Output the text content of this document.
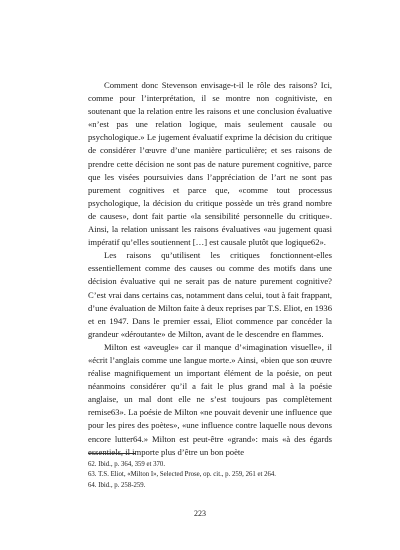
Comment donc Stevenson envisage-t-il le rôle des raisons? Ici, comme pour l’interprétation, il se montre non cognitiviste, en soutenant que la relation entre les raisons et une conclusion évaluative «n’est pas une relation logique, mais seulement causale ou psychologique.» Le jugement évaluatif exprime la décision du critique de considérer l’œuvre d’une manière particulière; et ses raisons de prendre cette décision ne sont pas de nature purement cognitive, parce que les visées poursuivies dans l’appréciation de l’art ne sont pas purement cognitives et parce que, «comme tout processus psychologique, la décision du critique possède un très grand nombre de causes», dont fait partie «la sensibilité personnelle du critique». Ainsi, la relation unissant les raisons évaluatives «au jugement quasi impératif qu’elles soutiennent […] est causale plutôt que logique62».

Les raisons qu’utilisent les critiques fonctionnent-elles essentiellement comme des causes ou comme des motifs dans une décision évaluative qui ne serait pas de nature purement cognitive? C’est vrai dans certains cas, notamment dans celui, tout à fait frappant, d’une évaluation de Milton faite à deux reprises par T.S. Eliot, en 1936 et en 1947. Dans le premier essai, Eliot commence par concéder la grandeur «déroutante» de Milton, avant de le descendre en flammes.

Milton est «aveugle» car il manque d’«imagination visuelle», il «écrit l’anglais comme une langue morte.» Ainsi, «bien que son œuvre réalise magnifiquement un important élément de la poésie, on peut néanmoins considérer qu’il a fait le plus grand mal à la poésie anglaise, un mal dont elle ne s’est toujours pas complètement remise63». La poésie de Milton «ne pouvait devenir une influence que pour les pires des poètes», «une influence contre laquelle nous devons encore lutter64.» Milton est peut-être «grand»: mais «à des égards essentiels, il importe plus d’être un bon poète

62. Ibid., p. 364, 359 et 370.

63. T.S. Eliot, «Milton I», Selected Prose, op. cit., p. 259, 261 et 264.

64. Ibid., p. 258-259.

223
